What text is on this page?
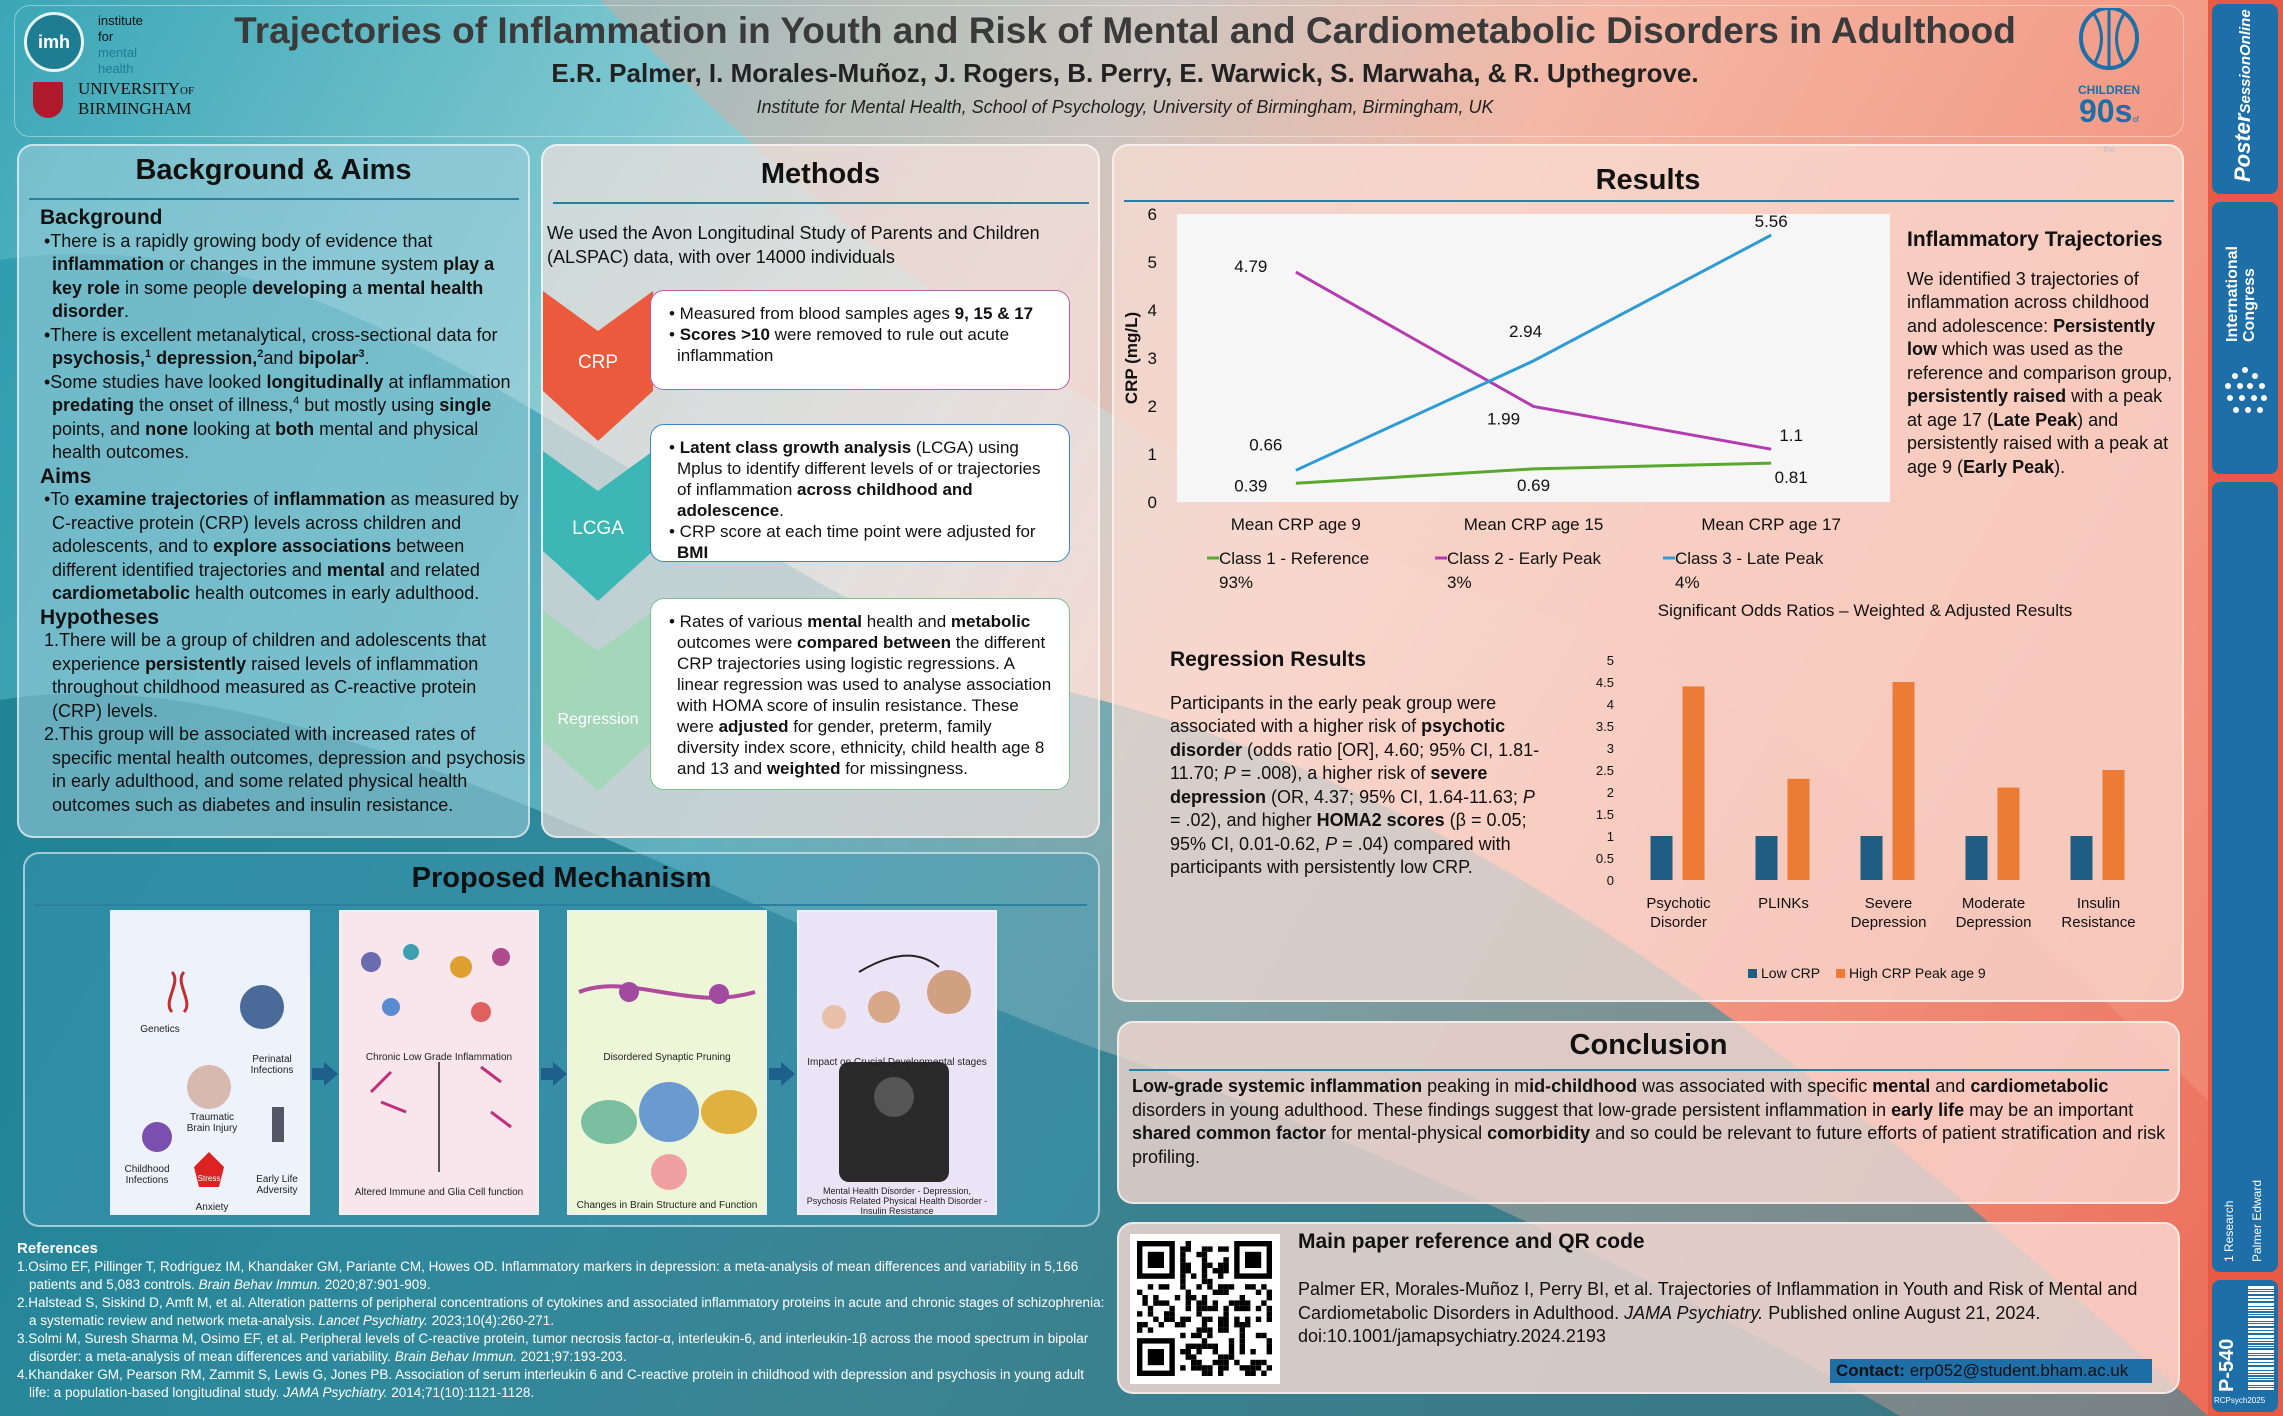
imh
institute
for
mental
health
UNIVERSITYOF
BIRMINGHAM
Trajectories of Inflammation in Youth and Risk of Mental and Cardiometabolic Disorders in Adulthood
E.R. Palmer, I. Morales-Muñoz, J. Rogers, B. Perry, E. Warwick, S. Marwaha, & R. Upthegrove.
Institute for Mental Health, School of Psychology, University of Birmingham, Birmingham, UK
CHILDREN
90sof
Background & Aims
Background
•There is a rapidly growing body of evidence that inflammation or changes in the immune system play a key role in some people developing a mental health disorder.
•There is excellent metanalytical, cross-sectional data for psychosis,$^1$ depression,$^2$and bipolar$^3$.
•Some studies have looked longitudinally at inflammation predating the onset of illness,$^4$ but mostly using single points, and none looking at both mental and physical health outcomes.
Aims
•To examine trajectories of inflammation as measured by C-reactive protein (CRP) levels across children and adolescents, and to explore associations between different identified trajectories and mental and related cardiometabolic health outcomes in early adulthood.
Hypotheses
1.There will be a group of children and adolescents that experience persistently raised levels of inflammation throughout childhood measured as C-reactive protein (CRP) levels.
2.This group will be associated with increased rates of specific mental health outcomes, depression and psychosis in early adulthood, and some related physical health outcomes such as diabetes and insulin resistance.
Methods
We used the Avon Longitudinal Study of Parents and Children (ALSPAC) data, with over 14000 individuals
CRP
LCGA
Regression
• Measured from blood samples ages 9, 15 & 17
• Scores >10 were removed to rule out acute inflammation
• Latent class growth analysis (LCGA) using Mplus to identify different levels of or trajectories of inflammation across childhood and adolescence.
• CRP score at each time point were adjusted for BMI
• Rates of various mental health and metabolic outcomes were compared between the different CRP trajectories using logistic regressions. A linear regression was used to analyse association with HOMA score of insulin resistance. These were adjusted for gender, preterm, family diversity index score, ethnicity, child health age 8 and 13 and weighted for missingness.
Proposed Mechanism
Genetics
Perinatal Infections
Traumatic Brain Injury
Childhood Infections	Stress	Early Life Adversity
Anxiety
Chronic Low Grade Inflammation
Altered Immune and Glia Cell function
Disordered Synaptic Pruning
Changes in Brain Structure and Function
Impact on Crucial Developmental stages
Mental Health Disorder - Depression, Psychosis Related Physical Health Disorder - Insulin Resistance
References
1.Osimo EF, Pillinger T, Rodriguez IM, Khandaker GM, Pariante CM, Howes OD. Inflammatory markers in depression: a meta-analysis of mean differences and variability in 5,166 patients and 5,083 controls. Brain Behav Immun. 2020;87:901-909.
2.Halstead S, Siskind D, Amft M, et al. Alteration patterns of peripheral concentrations of cytokines and associated inflammatory proteins in acute and chronic stages of schizophrenia: a systematic review and network meta-analysis. Lancet Psychiatry. 2023;10(4):260-271.
3.Solmi M, Suresh Sharma M, Osimo EF, et al. Peripheral levels of C-reactive protein, tumor necrosis factor-α, interleukin-6, and interleukin-1β across the mood spectrum in bipolar disorder: a meta-analysis of mean differences and variability. Brain Behav Immun. 2021;97:193-203.
4.Khandaker GM, Pearson RM, Zammit S, Lewis G, Jones PB. Association of serum interleukin 6 and C-reactive protein in childhood with depression and psychosis in young adult life: a population-based longitudinal study. JAMA Psychiatry. 2014;71(10):1121-1128.
Results
0
1
2
3
4
5
6
Mean CRP age 9	Mean CRP age 15	Mean CRP age 17
CRP (mg/L)
0.39	0.69	0.81
Class 1 - Reference
93%
4.79
1.99
1.1
Class 2 - Early Peak
3%
0.66
2.94
5.56
Class 3 - Late Peak
4%
Inflammatory Trajectories
We identified 3 trajectories of inflammation across childhood and adolescence: Persistently low which was used as the reference and comparison group, persistently raised with a peak at age 17 (Late Peak) and persistently raised with a peak at age 9 (Early Peak).
Regression Results
Participants in the early peak group were associated with a higher risk of psychotic disorder (odds ratio [OR], 4.60; 95% CI, 1.81-11.70; P = .008), a higher risk of severe depression (OR, 4.37; 95% CI, 1.64-11.63; P = .02), and higher HOMA2 scores (β = 0.05; 95% CI, 0.01-0.62, P = .04) compared with participants with persistently low CRP.
Significant Odds Ratios – Weighted & Adjusted Results
0
0.5
1
1.5
2
2.5
3
3.5
4
4.5
5
Psychotic
Disorder
PLINKs	Severe
Depression
Moderate
Depression
Insulin
Resistance
Low CRP High CRP Peak age 9
Conclusion
Low-grade systemic inflammation peaking in mid-childhood was associated with specific mental and cardiometabolic disorders in young adulthood. These findings suggest that low-grade persistent inflammation in early life may be an important shared common factor for mental-physical comorbidity and so could be relevant to future efforts of patient stratification and risk profiling.
Main paper reference and QR code
Palmer ER, Morales-Muñoz I, Perry BI, et al. Trajectories of Inflammation in Youth and Risk of Mental and Cardiometabolic Disorders in Adulthood. JAMA Psychiatry. Published online August 21, 2024.
doi:10.1001/jamapsychiatry.2024.2193
Contact: erp052@student.bham.ac.uk
PosterSessionOnline
International Congress
1 Research Palmer Edward
P-540
RCPsych2025
